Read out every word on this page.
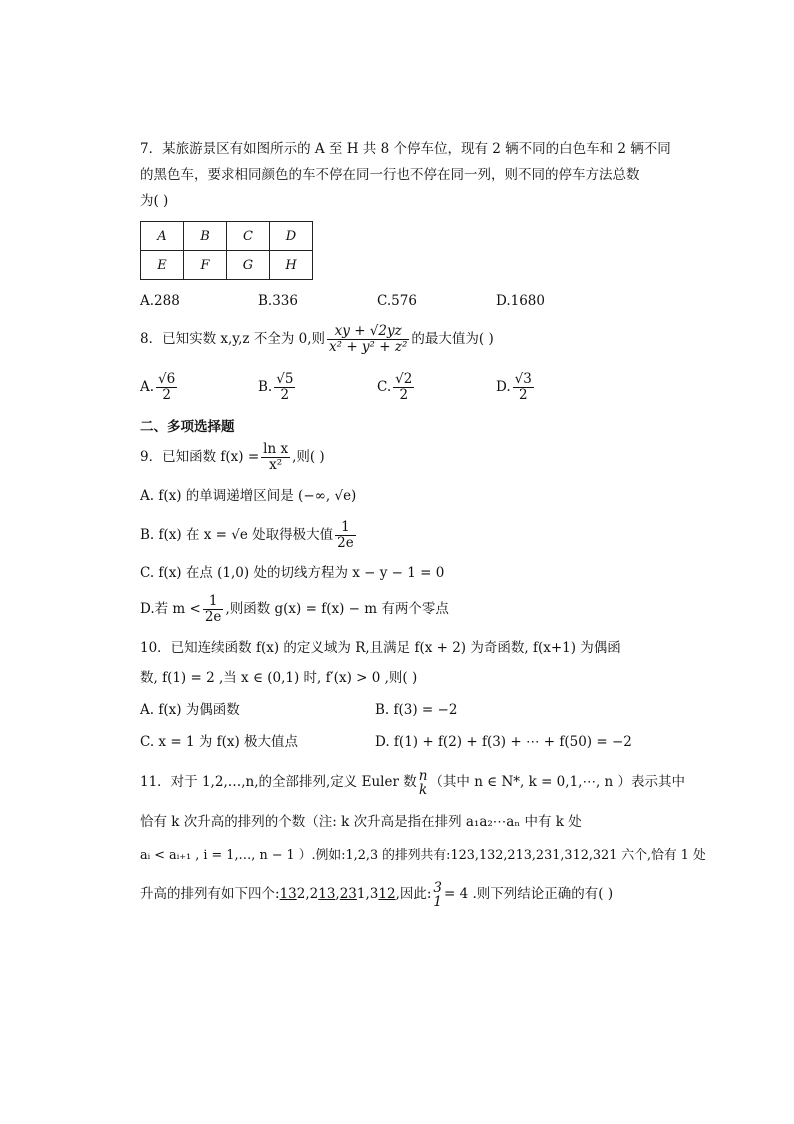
7．某旅游景区有如图所示的 A 至 H 共 8 个停车位，现有 2 辆不同的白色车和 2 辆不同
的黑色车，要求相同颜色的车不停在同一行也不停在同一列，则不同的停车方法总数
为( )
A	B	C	D
E	F	G	H
A.288	B.336	C.576	D.1680
8．已知实数 x,y,z 不全为 0,则 $\frac{xy + √2yz}{\text{x² + y² + z²}}$ 的最大值为( )
A. $\frac{√6}{2}$	B. $\frac{√5}{2}$	C. $\frac{√2}{2}$	D. $\frac{√3}{2}$
二、多项选择题
9．已知函数 $f(x) = \frac{\text{ln x}}{\text{x²}}$ ,则( )
A. f(x) 的单调递增区间是 (−∞, √e)
B. f(x) 在 x = √e 处取得极大值 $\frac{1}{2e}$
C. f(x) 在点 (1,0) 处的切线方程为 x − y − 1 = 0
D.若 $m < \frac{1}{2e}$ ,则函数 g(x) = f(x) − m 有两个零点
10．已知连续函数 f(x) 的定义域为 R,且满足 f(x + 2) 为奇函数, f(x+1) 为偶函
数, f(1) = 2 ,当 x ∈ (0,1) 时, f′(x) > 0 ,则( )
A. f(x) 为偶函数	B. f(3) = −2
C. x = 1 为 f(x) 极大值点	D. f(1) + f(2) + f(3) + ⋯ + f(50) = −2
11．对于 1,2,…,n,的全部排列,定义 Euler 数 n
k （其中 n ∈ N*, k = 0,1,⋯, n ）表示其中
恰有 k 次升高的排列的个数（注: k 次升高是指在排列 a₁a₂⋯aₙ 中有 k 处
aᵢ < aᵢ₊₁ , i = 1,…, n − 1 ）.例如:1,2,3 的排列共有:123,132,213,231,312,321 六个,恰有 1 处
升高的排列有如下四个:132,213,231,312,因此: 3
1 = 4 .则下列结论正确的有( )
